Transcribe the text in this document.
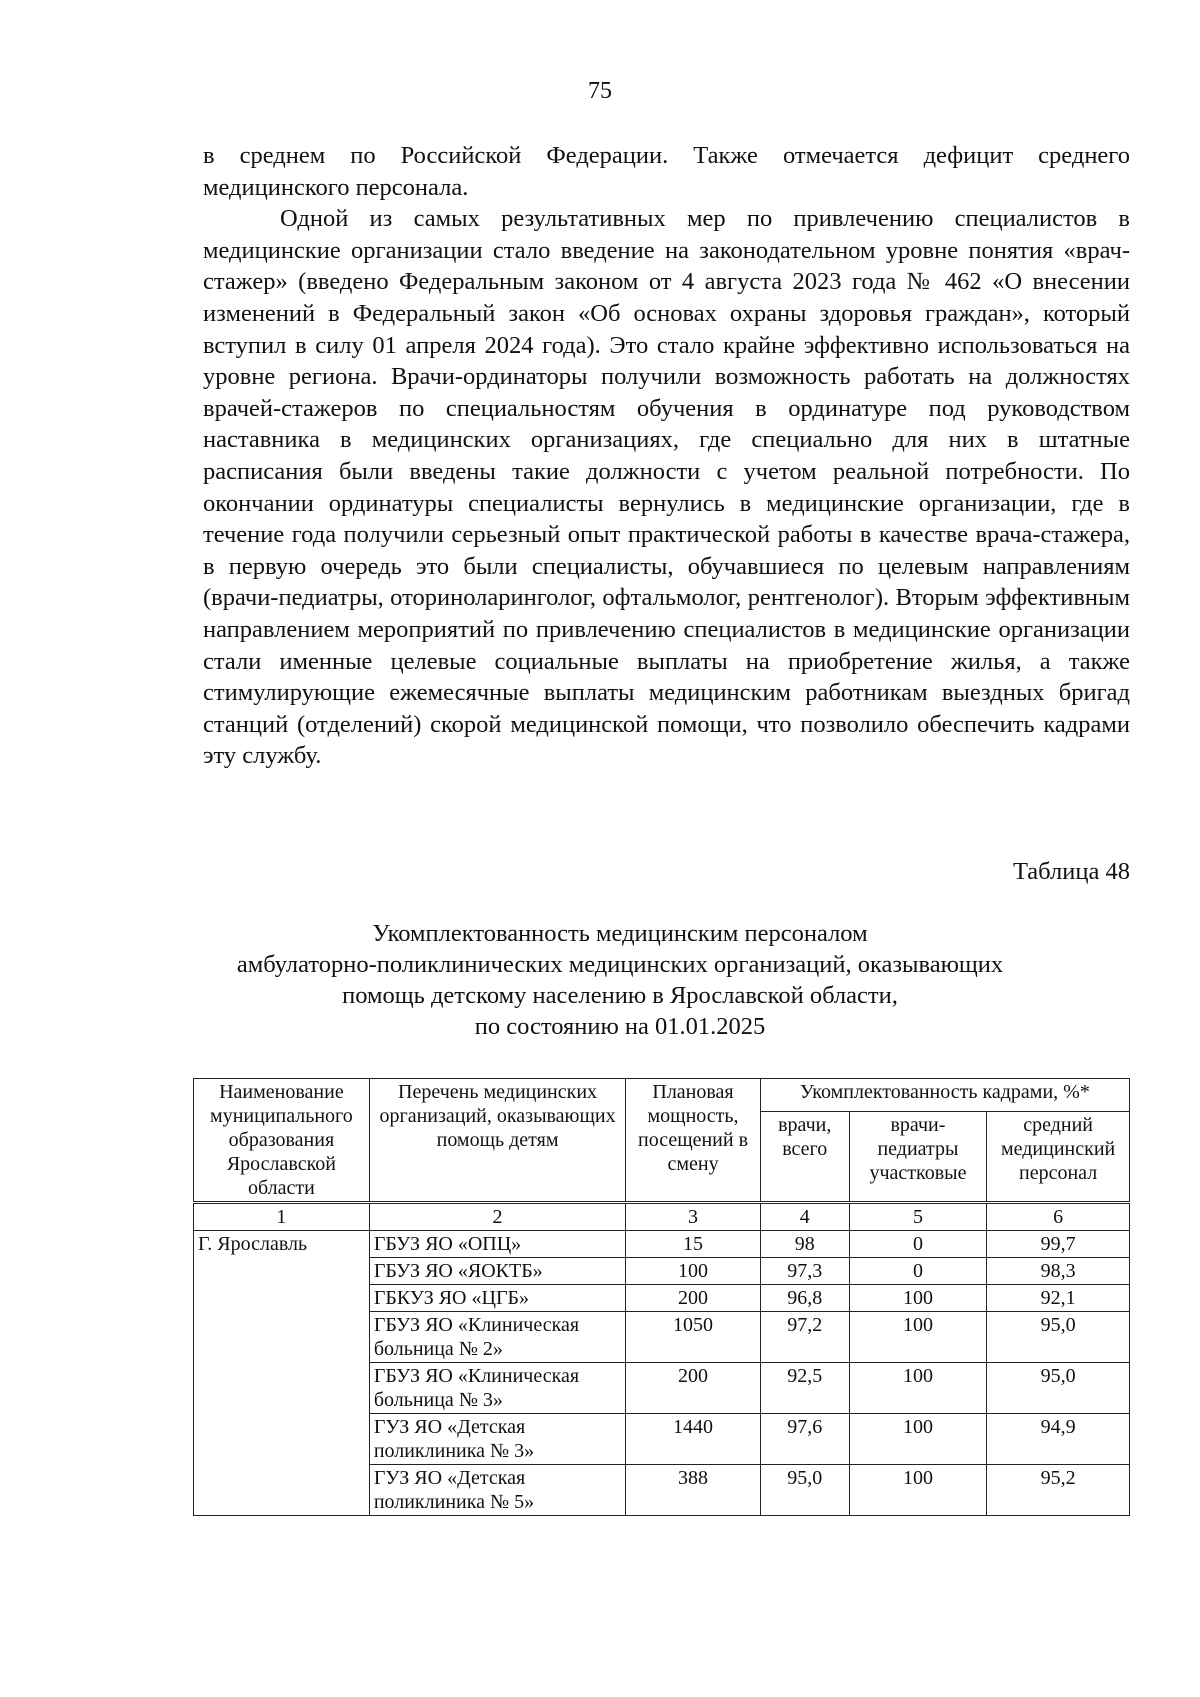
75

в среднем по Российской Федерации. Также отмечается дефицит среднего медицинского персонала.

Одной из самых результативных мер по привлечению специалистов в медицинские организации стало введение на законодательном уровне понятия «врач-стажер» (введено Федеральным законом от 4 августа 2023 года № 462 «О внесении изменений в Федеральный закон «Об основах охраны здоровья граждан», который вступил в силу 01 апреля 2024 года). Это стало крайне эффективно использоваться на уровне региона. Врачи-ординаторы получили возможность работать на должностях врачей-стажеров по специальностям обучения в ординатуре под руководством наставника в медицинских организациях, где специально для них в штатные расписания были введены такие должности с учетом реальной потребности. По окончании ординатуры специалисты вернулись в медицинские организации, где в течение года получили серьезный опыт практической работы в качестве врача-стажера, в первую очередь это были специалисты, обучавшиеся по целевым направлениям (врачи-педиатры, оториноларинголог, офтальмолог, рентгенолог). Вторым эффективным направлением мероприятий по привлечению специалистов в медицинские организации стали именные целевые социальные выплаты на приобретение жилья, а также стимулирующие ежемесячные выплаты медицинским работникам выездных бригад станций (отделений) скорой медицинской помощи, что позволило обеспечить кадрами эту службу.

Таблица 48
Укомплектованность медицинским персоналом
амбулаторно-поликлинических медицинских организаций, оказывающих
помощь детскому населению в Ярославской области,
по состоянию на 01.01.2025
Наименование муниципального образования Ярославской области	Перечень медицинских организаций, оказывающих помощь детям	Плановая мощность, посещений в смену	Укомплектованность кадрами, %*		
			врачи, всего	врачи-педиатры участковые	средний медицинский персонал
1	2	3	4	5	6
Г. Ярославль	ГБУЗ ЯО «ОПЦ»	15	98	0	99,7
	ГБУЗ ЯО «ЯОКТБ»	100	97,3	0	98,3
	ГБКУЗ ЯО «ЦГБ»	200	96,8	100	92,1
	ГБУЗ ЯО «Клиническая больница № 2»	1050	97,2	100	95,0
	ГБУЗ ЯО «Клиническая больница № 3»	200	92,5	100	95,0
	ГУЗ ЯО «Детская поликлиника № 3»	1440	97,6	100	94,9
	ГУЗ ЯО «Детская поликлиника № 5»	388	95,0	100	95,2
